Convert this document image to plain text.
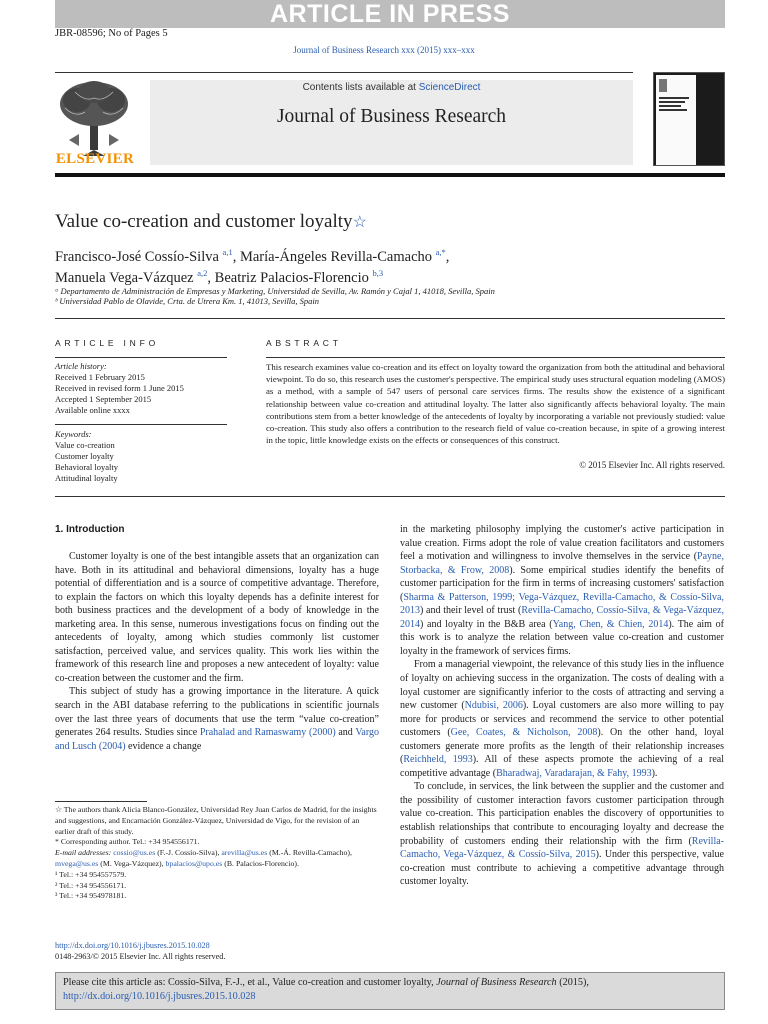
ARTICLE IN PRESS
JBR-08596; No of Pages 5
Journal of Business Research xxx (2015) xxx–xxx
ELSEVIER
Contents lists available at ScienceDirect
Journal of Business Research
Value co-creation and customer loyalty☆
Francisco-José Cossío-Silva $^{a,1}$, María-Ángeles Revilla-Camacho $^{a,*}$,
Manuela Vega-Vázquez $^{a,2}$, Beatriz Palacios-Florencio $^{b,3}$
ᵃ Departamento de Administración de Empresas y Marketing, Universidad de Sevilla, Av. Ramón y Cajal 1, 41018, Sevilla, Spain
ᵇ Universidad Pablo de Olavide, Crta. de Utrera Km. 1, 41013, Sevilla, Spain
ARTICLE INFO
Article history:
Received 1 February 2015
Received in revised form 1 June 2015
Accepted 1 September 2015
Available online xxxx
Keywords:
Value co-creation
Customer loyalty
Behavioral loyalty
Attitudinal loyalty
ABSTRACT
This research examines value co-creation and its effect on loyalty toward the organization from both the attitudinal and behavioral viewpoint. To do so, this research uses the customer's perspective. The empirical study uses structural equation modeling (AMOS) as a method, with a sample of 547 users of personal care services firms. The results show the existence of a significant relationship between value co-creation and attitudinal loyalty. The latter also significantly affects behavioral loyalty. The main contributions stem from a better knowledge of the antecedents of loyalty by incorporating a variable not previously studied: value co-creation. This study also offers a contribution to the research field of value co-creation because, in spite of a growing interest in the topic, little knowledge exists on the effects or consequences of this construct.
© 2015 Elsevier Inc. All rights reserved.
1. Introduction

Customer loyalty is one of the best intangible assets that an organization can have. Both in its attitudinal and behavioral dimensions, loyalty has a huge potential of differentiation and is a source of competitive advantage. Therefore, to explain the factors on which this loyalty depends has a definite interest for both business practices and the development of a body of knowledge in the marketing area. In this sense, numerous investigations focus on finding out the antecedents of loyalty, among which studies commonly list customer satisfaction, perceived value, and services quality. This work lies within the framework of this research line and proposes a new antecedent of loyalty: value co-creation between the customer and the firm.

This subject of study has a growing importance in the literature. A quick search in the ABI database referring to the publications in scientific journals over the last three years of documents that use the term “value co-creation” generates 264 results. Studies since Prahalad and Ramaswamy (2000) and Vargo and Lusch (2004) evidence a change

in the marketing philosophy implying the customer's active participation in value creation. Firms adopt the role of value creation facilitators and customers feel a motivation and willingness to involve themselves in the service (Payne, Storbacka, & Frow, 2008). Some empirical studies identify the benefits of customer participation for the firm in terms of increasing customers' satisfaction (Sharma & Patterson, 1999; Vega-Vázquez, Revilla-Camacho, & Cossío-Silva, 2013) and their level of trust (Revilla-Camacho, Cossío-Silva, & Vega-Vázquez, 2014) and loyalty in the B&B area (Yang, Chen, & Chien, 2014). The aim of this work is to analyze the relation between value co-creation and customer loyalty in the framework of services firms.

From a managerial viewpoint, the relevance of this study lies in the influence of loyalty on achieving success in the organization. The costs of dealing with a loyal customer are significantly inferior to the costs of attracting and serving a new customer (Ndubisi, 2006). Loyal customers are also more willing to pay more for products or services and recommend the service to other potential customers (Gee, Coates, & Nicholson, 2008). On the other hand, loyal customers generate more profits as the length of their relationship increases (Reichheld, 1993). All of these aspects promote the achieving of a real competitive advantage (Bharadwaj, Varadarajan, & Fahy, 1993).

To conclude, in services, the link between the supplier and the customer and the possibility of customer interaction favors customer participation through value co-creation. This participation enables the discovery of opportunities to establish relationships that contribute to encouraging loyalty and decrease the probability of customers ending their relationship with the firm (Revilla-Camacho, Vega-Vázquez, & Cossío-Silva, 2015). Under this perspective, value co-creation must contribute to achieving a competitive advantage through customer loyalty.

☆ The authors thank Alicia Blanco-González, Universidad Rey Juan Carlos de Madrid, for the insights and suggestions, and Encarnación González-Vázquez, Universidad de Vigo, for the revision of an earlier draft of this study.
* Corresponding author. Tel.: +34 954556171.
E-mail addresses: cossio@us.es (F.-J. Cossío-Silva), arevilla@us.es (M.-Á. Revilla-Camacho), mvega@us.es (M. Vega-Vázquez), bpalacios@upo.es (B. Palacios-Florencio).
¹ Tel.: +34 954557579.
² Tel.: +34 954556171.
³ Tel.: +34 954978181.
http://dx.doi.org/10.1016/j.jbusres.2015.10.028
0148-2963/© 2015 Elsevier Inc. All rights reserved.
Please cite this article as: Cossío-Silva, F.-J., et al., Value co-creation and customer loyalty, Journal of Business Research (2015), http://dx.doi.org/10.1016/j.jbusres.2015.10.028
